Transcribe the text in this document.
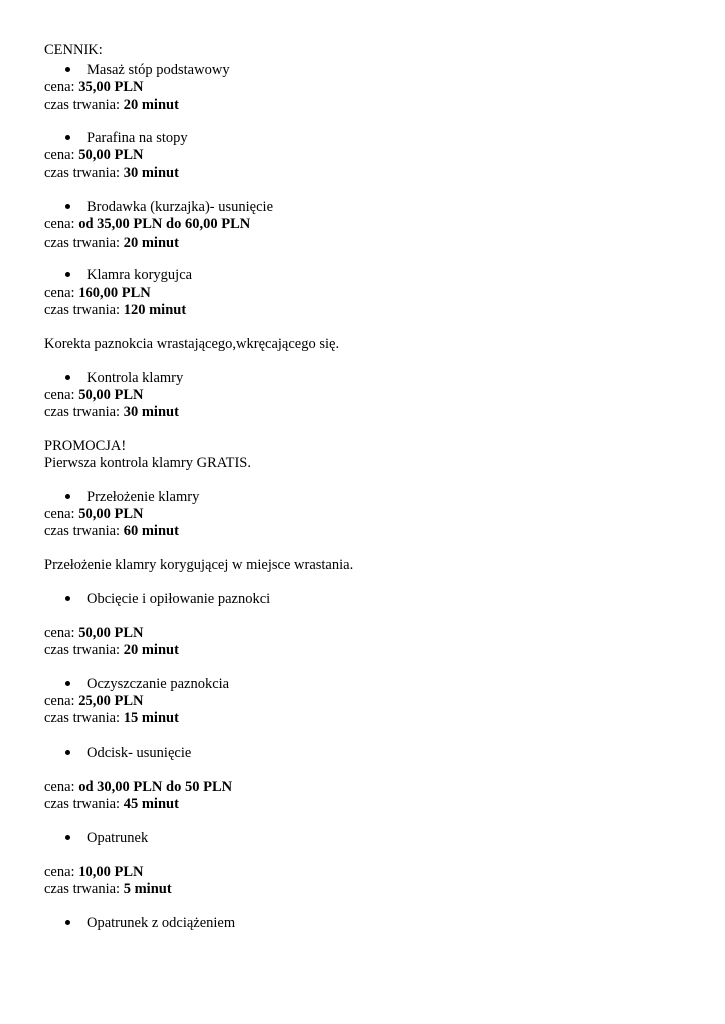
CENNIK:
Masaż stóp podstawowy
cena: 35,00 PLN
czas trwania: 20 minut
Parafina na stopy
cena: 50,00 PLN
czas trwania: 30 minut
Brodawka (kurzajka)- usunięcie
cena: od 35,00 PLN do 60,00 PLN
czas trwania: 20 minut
Klamra korygujca
cena: 160,00 PLN
czas trwania: 120 minut
Korekta paznokcia wrastającego,wkręcającego się.
Kontrola klamry
cena: 50,00 PLN
czas trwania: 30 minut
PROMOCJA!
Pierwsza kontrola klamry GRATIS.
Przełożenie klamry
cena: 50,00 PLN
czas trwania: 60 minut
Przełożenie klamry korygującej w miejsce wrastania.
Obcięcie i opiłowanie paznokci
cena: 50,00 PLN
czas trwania: 20 minut
Oczyszczanie paznokcia
cena: 25,00 PLN
czas trwania: 15 minut
Odcisk- usunięcie
cena: od 30,00 PLN do 50 PLN
czas trwania: 45 minut
Opatrunek
cena: 10,00 PLN
czas trwania: 5 minut
Opatrunek z odciążeniem
